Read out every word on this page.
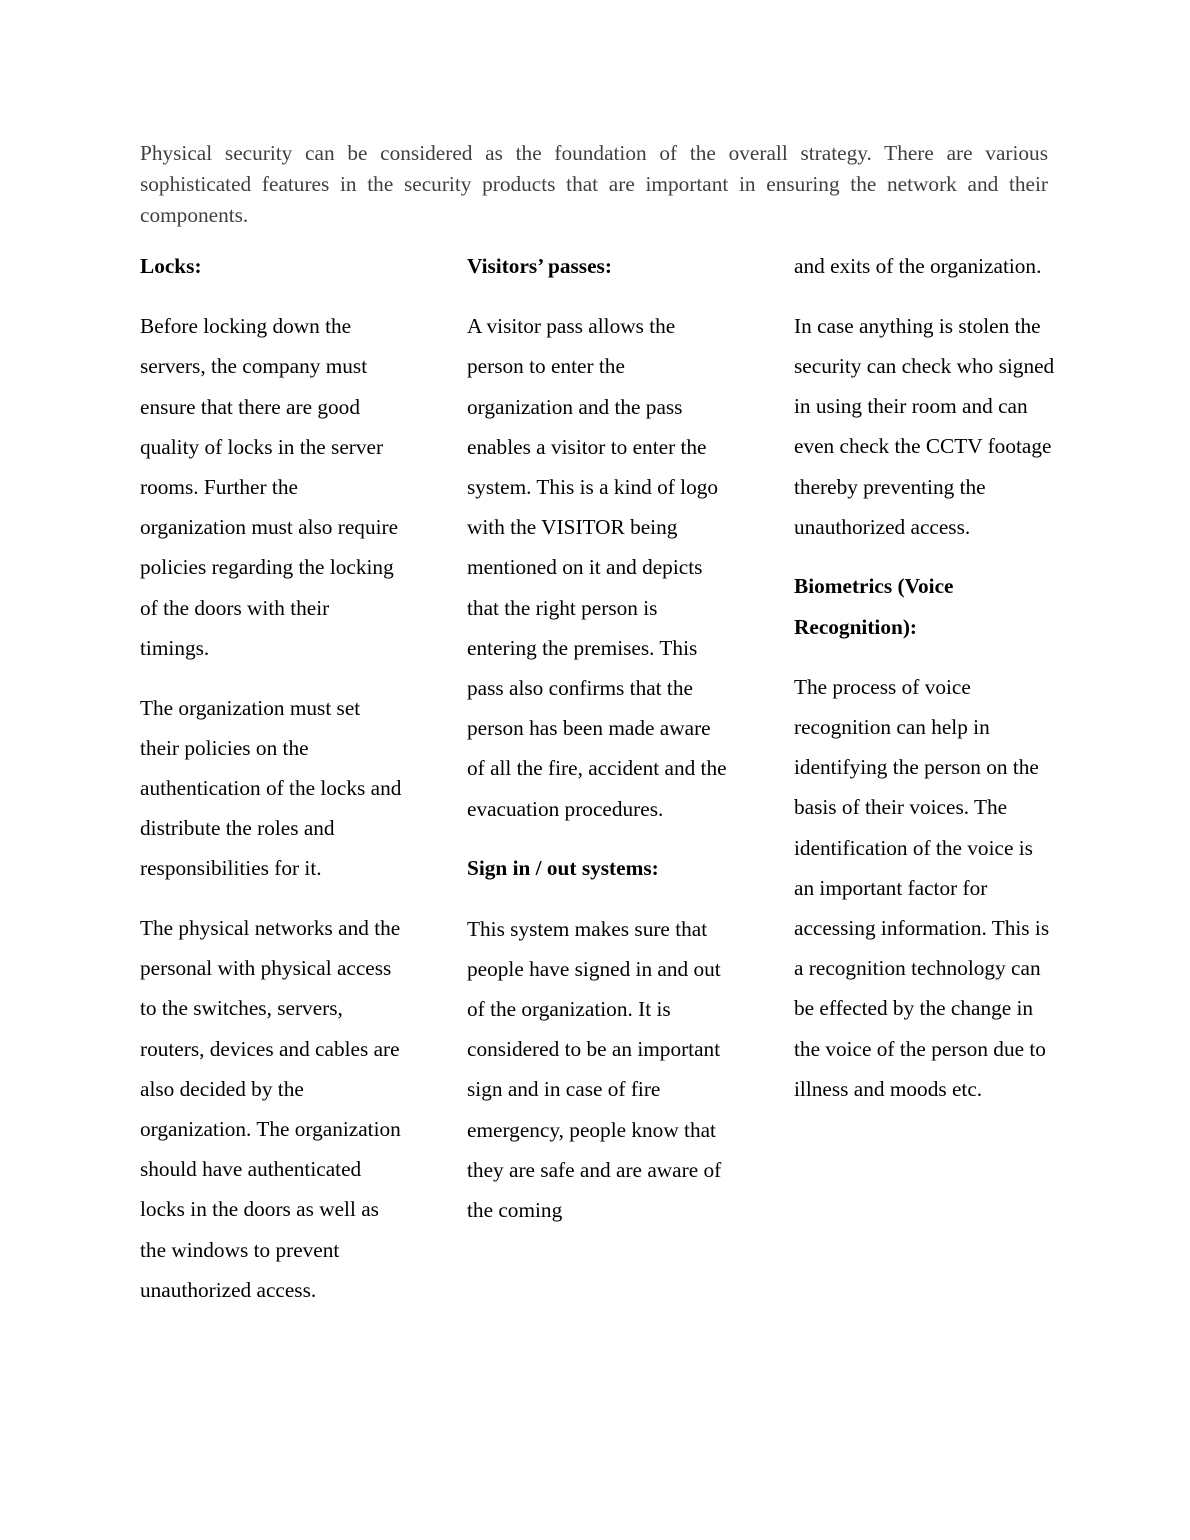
Physical security can be considered as the foundation of the overall strategy. There are various sophisticated features in the security products that are important in ensuring the network and their components.

Locks:

Before locking down the servers, the company must ensure that there are good quality of locks in the server rooms. Further the organization must also require policies regarding the locking of the doors with their timings.

The organization must set their policies on the authentication of the locks and distribute the roles and responsibilities for it.

The physical networks and the personal with physical access to the switches, servers, routers, devices and cables are also decided by the organization. The organization should have authenticated locks in the doors as well as the windows to prevent unauthorized access.

Visitors’ passes:

A visitor pass allows the person to enter the organization and the pass enables a visitor to enter the system. This is a kind of logo with the VISITOR being mentioned on it and depicts that the right person is entering the premises. This pass also confirms that the person has been made aware of all the fire, accident and the evacuation procedures.

Sign in / out systems:

This system makes sure that people have signed in and out of the organization. It is considered to be an important sign and in case of fire emergency, people know that they are safe and are aware of the coming

and exits of the organization.

In case anything is stolen the security can check who signed in using their room and can even check the CCTV footage thereby preventing the unauthorized access.

Biometrics (Voice Recognition):

The process of voice recognition can help in identifying the person on the basis of their voices. The identification of the voice is an important factor for accessing information. This is a recognition technology can be effected by the change in the voice of the person due to illness and moods etc.
